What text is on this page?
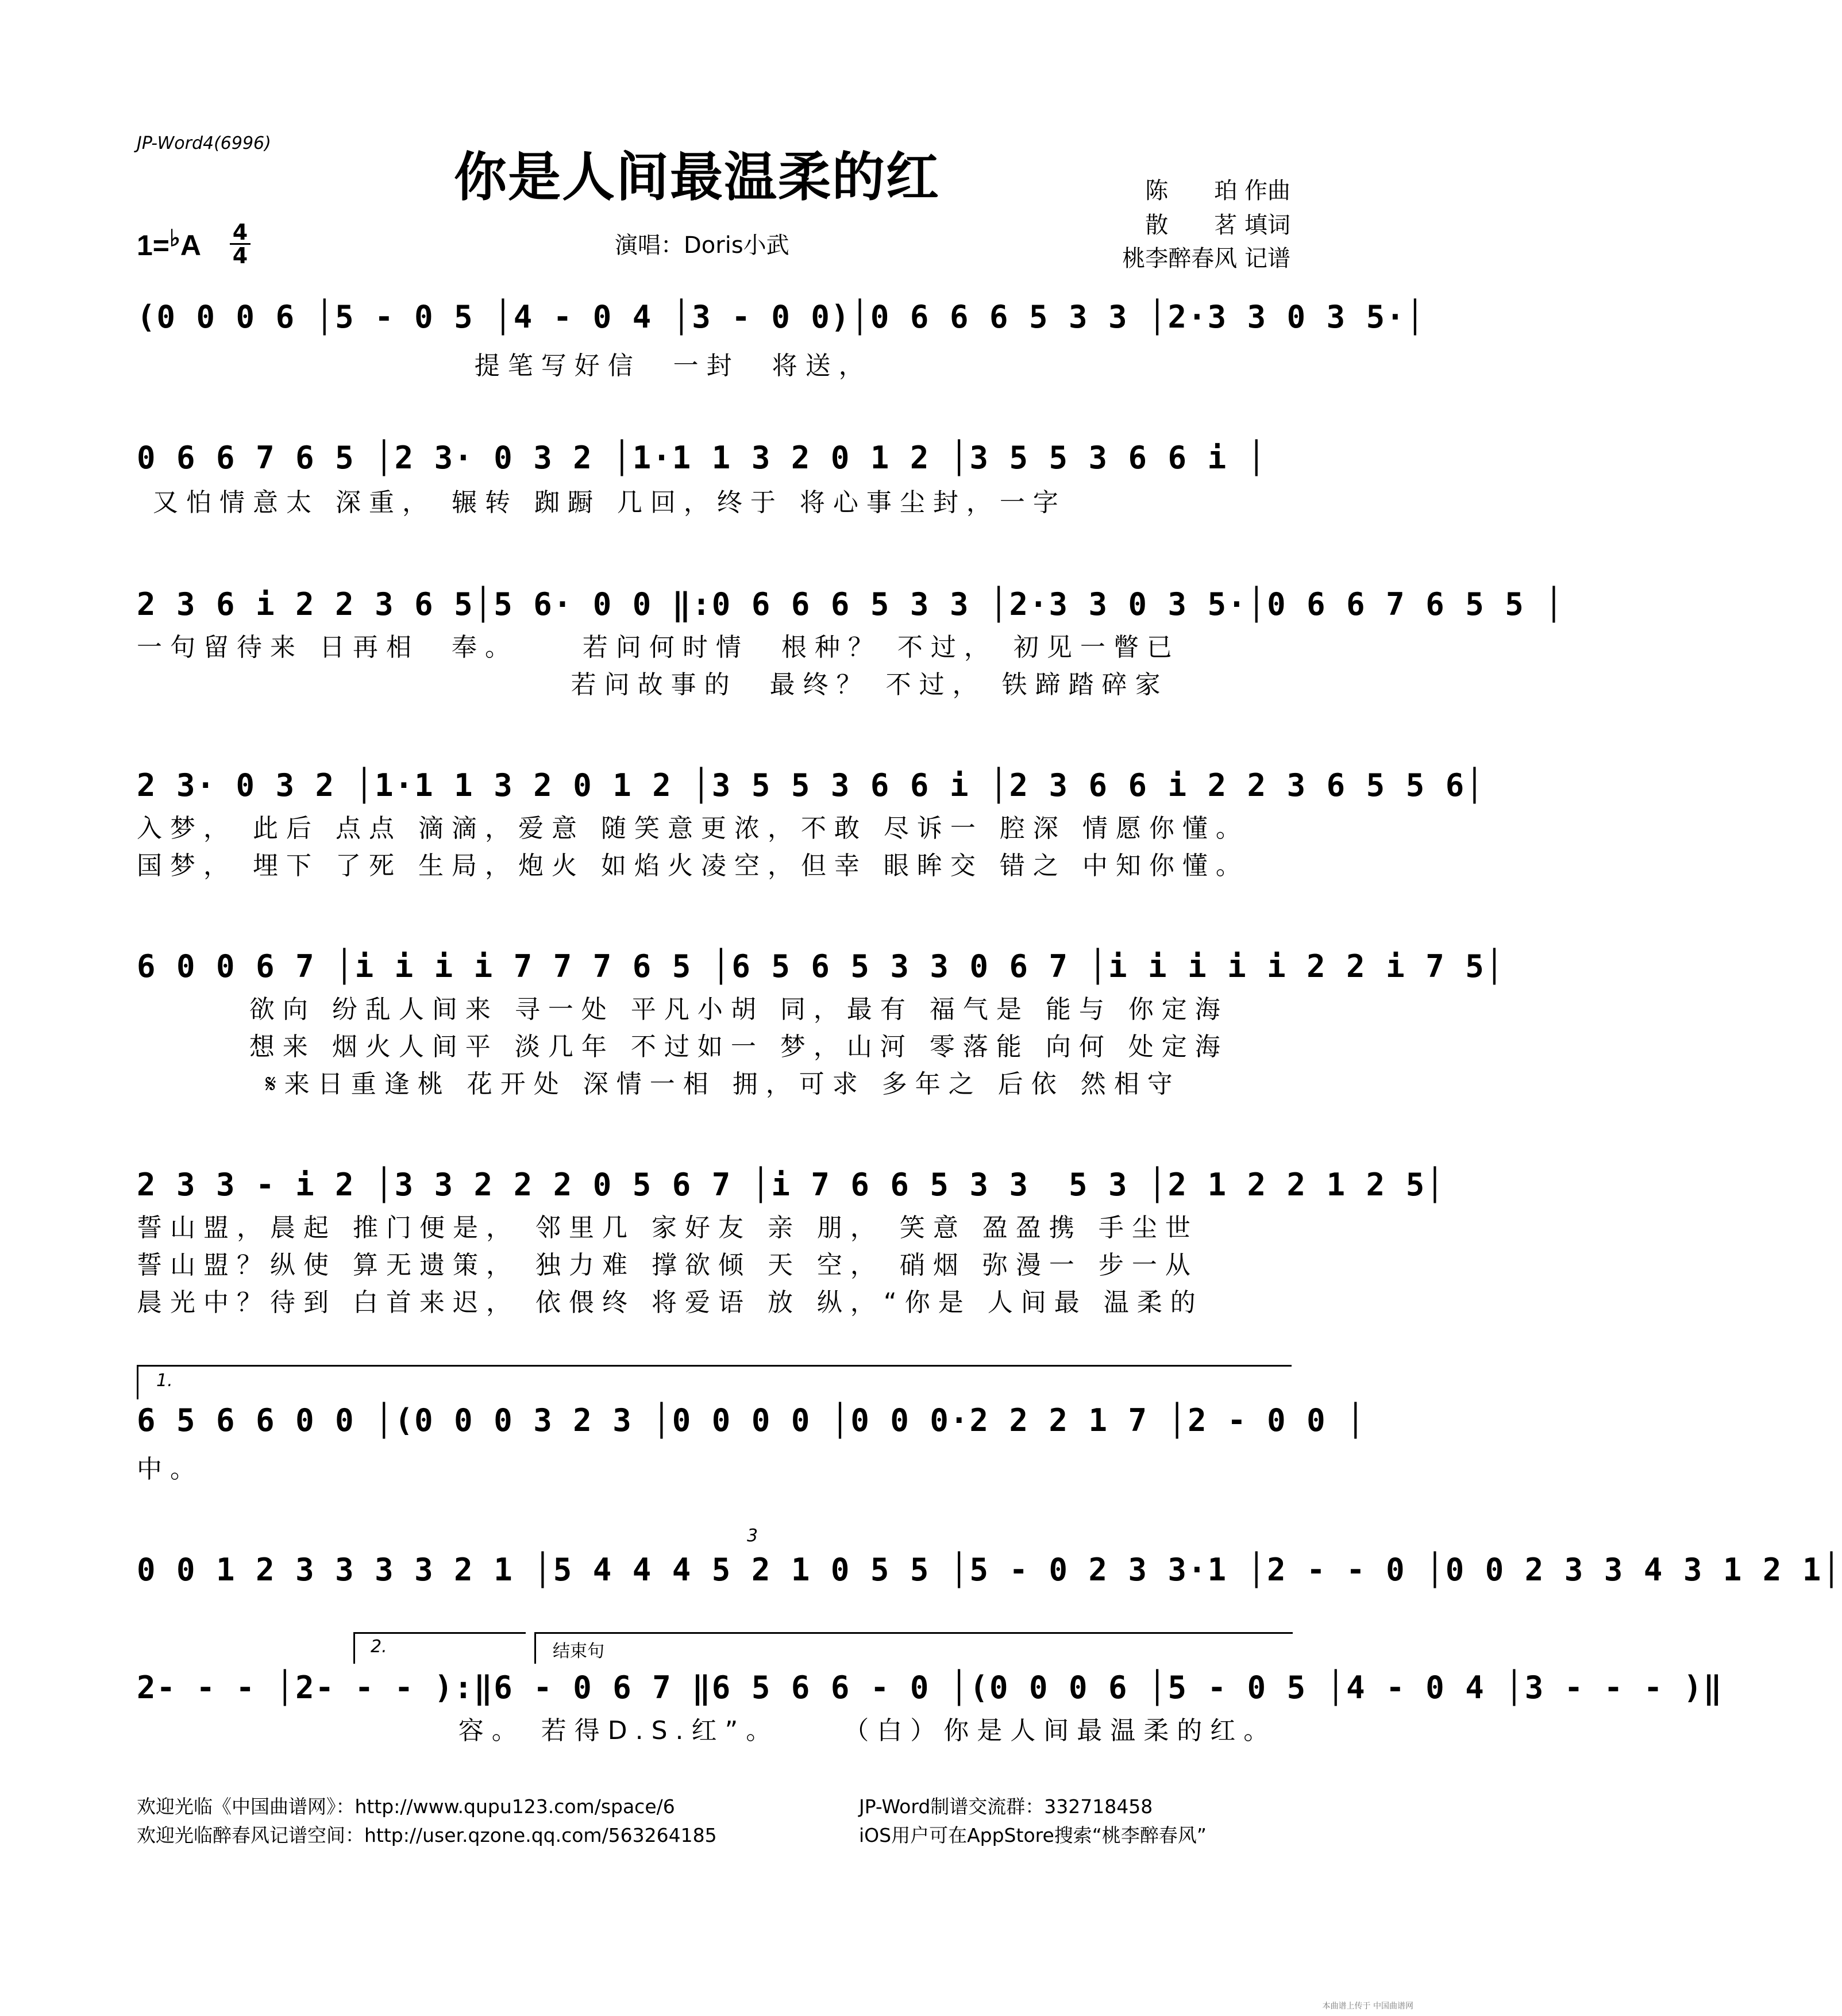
JP-Word4(6996)
你是人间最温柔的红
1=♭A 4
4	演唱：Doris小武
陈　　珀 作曲
散　　茗 填词
桃李醉春风 记谱
(0 0 0 6 │5 - 0 5 │4 - 0 4 │3 - 0 0)│0 6 6 6 5 3 3 │2·3 3 0 3 5·│
提笔写好信  一封  将送，
0 6 6 7 6 5 │2 3· 0 3 2 │1·1 1 3 2 0 1 2 │3 5 5 3 6 6 i │
又怕情意太 深重， 辗转 踟蹰 几回，终于 将心事尘封，一字
2 3 6 i 2 2 3 6 5│5 6· 0 0 ‖:0 6 6 6 5 3 3 │2·3 3 0 3 5·│0 6 6 7 6 5 5 │
一句留待来 日再相  奉。    若问何时情  根种？ 不过， 初见一瞥已
若问故事的  最终？ 不过， 铁蹄踏碎家
2 3· 0 3 2 │1·1 1 3 2 0 1 2 │3 5 5 3 6 6 i │2 3 6 6 i 2 2 3 6 5 5 6│
入梦， 此后 点点 滴滴，爱意 随笑意更浓，不敢 尽诉一 腔深 情愿你懂。
国梦， 埋下 了死 生局，炮火 如焰火凌空，但幸 眼眸交 错之 中知你懂。
6 0 0 6 7 │i i i i 7 7 7 6 5 │6 5 6 5 3 3 0 6 7 │i i i i i 2 2 i 7 5│
欲向 纷乱人间来 寻一处 平凡小胡 同，最有 福气是 能与 你定海
想来 烟火人间平 淡几年 不过如一 梦，山河 零落能 向何 处定海
𝄋来日重逢桃 花开处 深情一相 拥，可求 多年之 后依 然相守
2 3 3 - i 2 │3 3 2 2 2 0 5 6 7 │i 7 6 6 5 3 3  5 3 │2 1 2 2 1 2 5│
誓山盟，晨起 推门便是， 邻里几 家好友 亲 朋， 笑意 盈盈携 手尘世
誓山盟？纵使 算无遗策， 独力难 撑欲倾 天 空， 硝烟 弥漫一 步一从
晨光中？待到 白首来迟， 依偎终 将爱语 放 纵，“你是 人间最 温柔的
1.
6 5 6 6 0 0 │(0 0 0 3 2 3 │0 0 0 0 │0 0 0·2 2 2 1 7 │2 - 0 0 │
中。
3
0 0 1 2 3 3 3 3 2 1 │5 4 4 4 5 2 1 0 5 5 │5 - 0 2 3 3·1 │2 - - 0 │0 0 2 3 3 4 3 1 2 1│
2.	结束句
2- - - │2- - - ):‖6 - 0 6 7 ‖6 5 6 6 - 0 │(0 0 0 6 │5 - 0 5 │4 - 0 4 │3 - - - )‖
容。 若得D.S.红”。    （白）你是人间最温柔的红。
欢迎光临《中国曲谱网》：http://www.qupu123.com/space/6
欢迎光临醉春风记谱空间：http://user.qzone.qq.com/563264185
JP-Word制谱交流群：332718458
iOS用户可在AppStore搜索“桃李醉春风”
本曲谱上传于 中国曲谱网
